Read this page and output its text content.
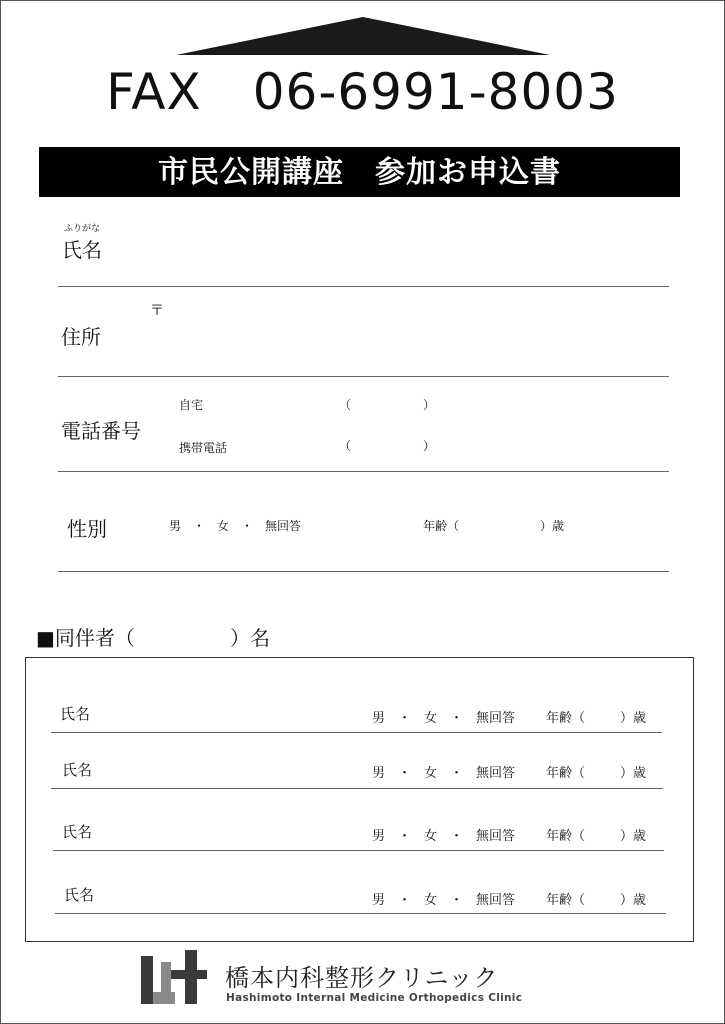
FAX　06-6991-8003
市民公開講座　参加お申込書
ふりがな
氏名
〒
住所
電話番号
自宅	（	）
携帯電話	（	）
性別	男　・　女　・　無回答	年齢（	）歳
■同伴者（	）名
氏名	男　・　女　・　無回答 年齢（	）歳
氏名	男　・　女　・　無回答 年齢（	）歳
氏名	男　・　女　・　無回答 年齢（	）歳
氏名	男　・　女　・　無回答 年齢（	）歳
橋本内科整形クリニック
Hashimoto Internal Medicine Orthopedics Clinic
